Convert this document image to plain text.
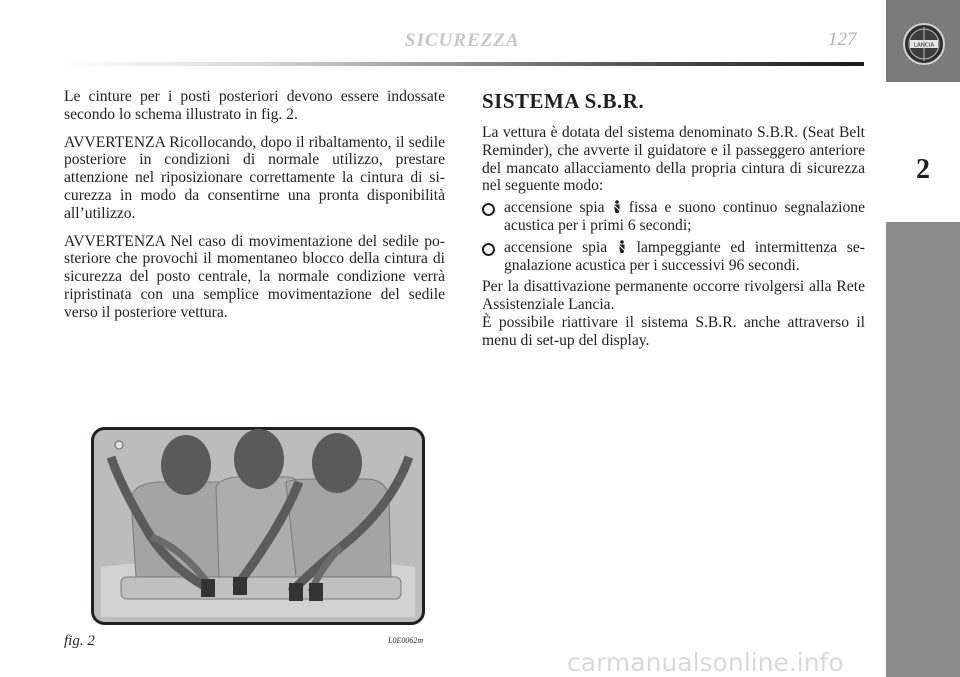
SICUREZZA	127	LANCIA
2

Le cinture per i posti posteriori devono essere indossate secondo lo schema illustrato in fig. 2.

AVVERTENZA Ricollocando, dopo il ribaltamento, il sedile posteriore in condizioni di normale utilizzo, prestare attenzione nel riposizionare correttamente la cintura di sicurezza in modo da consentirne una pronta disponibilità all’utilizzo.

AVVERTENZA Nel caso di movimentazione del sedile posteriore che provochi il momentaneo blocco della cintura di sicurezza del posto centrale, la normale condizione verrà ripristinata con una semplice movimentazione del sedile verso il posteriore vettura.

SISTEMA S.B.R.

La vettura è dotata del sistema denominato S.B.R. (Seat Belt Reminder), che avverte il guidatore e il passeggero anteriore del mancato allacciamento della propria cintura di sicurezza nel seguente modo:

accensione spia fissa e suono continuo segnalazione acustica per i primi 6 secondi;
accensione spia lampeggiante ed intermittenza segnalazione acustica per i successivi 96 secondi.
Per la disattivazione permanente occorre rivolgersi alla Rete Assistenziale Lancia.
È possibile riattivare il sistema S.B.R. anche attraverso il menu di set-up del display.
fig. 2	L0E0062m
carmanualsonline.info
